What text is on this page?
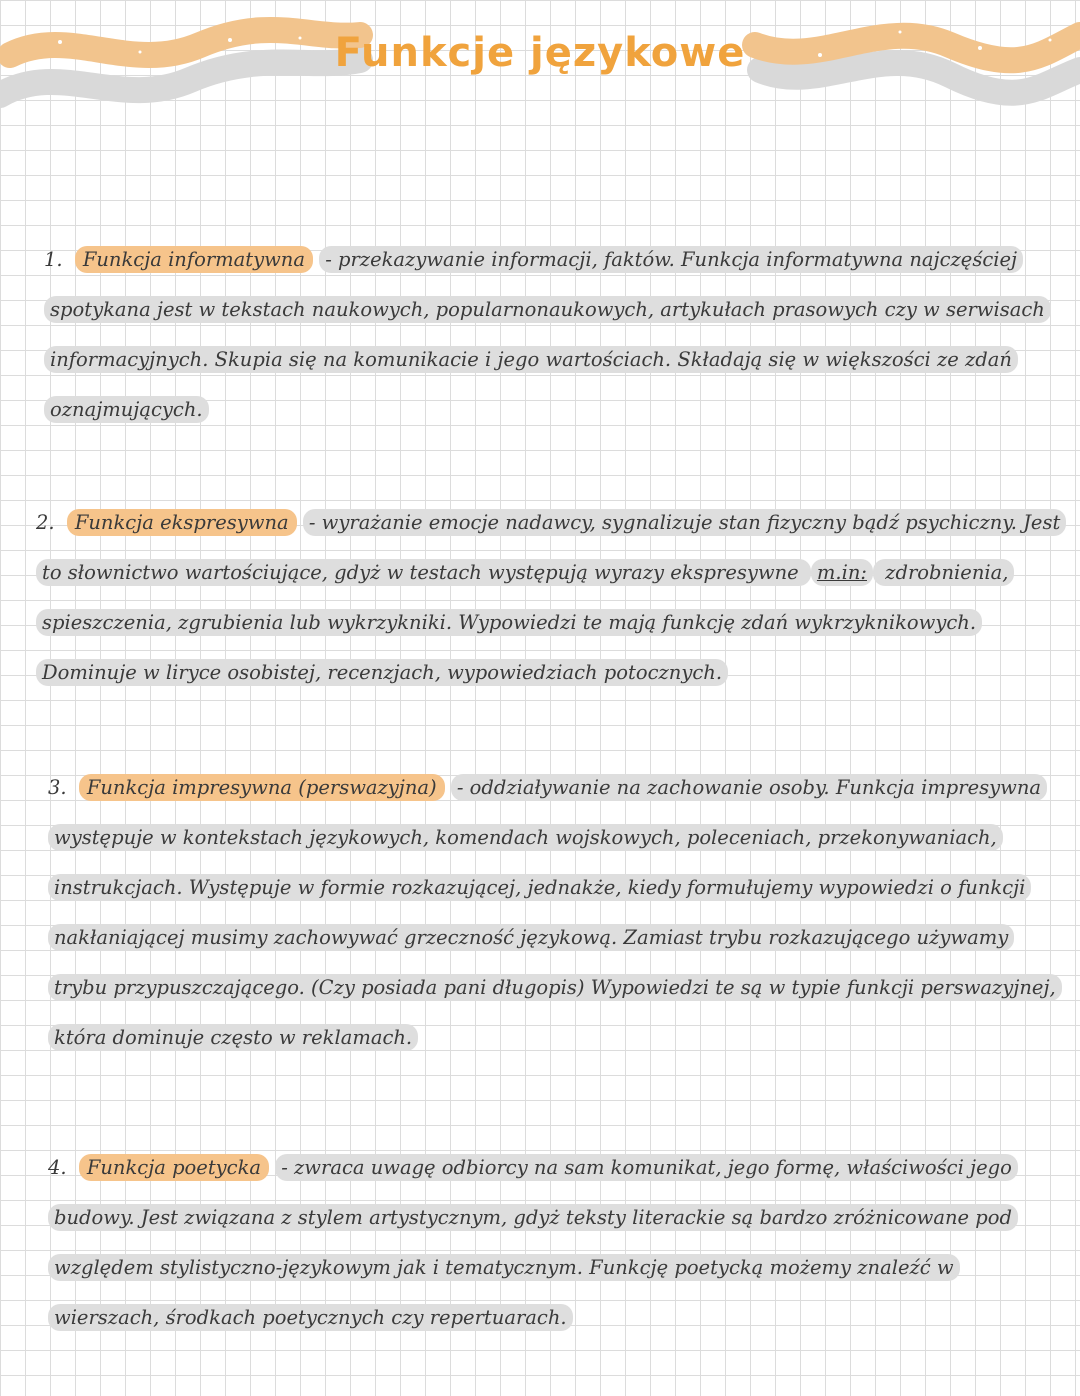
Funkcje językowe

1. Funkcja informatywna - przekazywanie informacji, faktów. Funkcja informatywna najczęściej spotykana jest w tekstach naukowych, popularnonaukowych, artykułach prasowych czy w serwisach informacyjnych. Skupia się na komunikacie i jego wartościach. Składają się w większości ze zdań oznajmujących.

2. Funkcja ekspresywna - wyrażanie emocje nadawcy, sygnalizuje stan fizyczny bądź psychiczny. Jest to słownictwo wartościujące, gdyż w testach występują wyrazy ekspresywne m.in: zdrobnienia, spieszczenia, zgrubienia lub wykrzykniki. Wypowiedzi te mają funkcję zdań wykrzyknikowych. Dominuje w liryce osobistej, recenzjach, wypowiedziach potocznych.

3. Funkcja impresywna (perswazyjna) - oddziaływanie na zachowanie osoby. Funkcja impresywna występuje w kontekstach językowych, komendach wojskowych, poleceniach, przekonywaniach, instrukcjach. Występuje w formie rozkazującej, jednakże, kiedy formułujemy wypowiedzi o funkcji nakłaniającej musimy zachowywać grzeczność językową. Zamiast trybu rozkazującego używamy trybu przypuszczającego. (Czy posiada pani długopis) Wypowiedzi te są w typie funkcji perswazyjnej, która dominuje często w reklamach.

4. Funkcja poetycka - zwraca uwagę odbiorcy na sam komunikat, jego formę, właściwości jego budowy. Jest związana z stylem artystycznym, gdyż teksty literackie są bardzo zróżnicowane pod względem stylistyczno-językowym jak i tematycznym. Funkcję poetycką możemy znaleźć w wierszach, środkach poetycznych czy repertuarach.
